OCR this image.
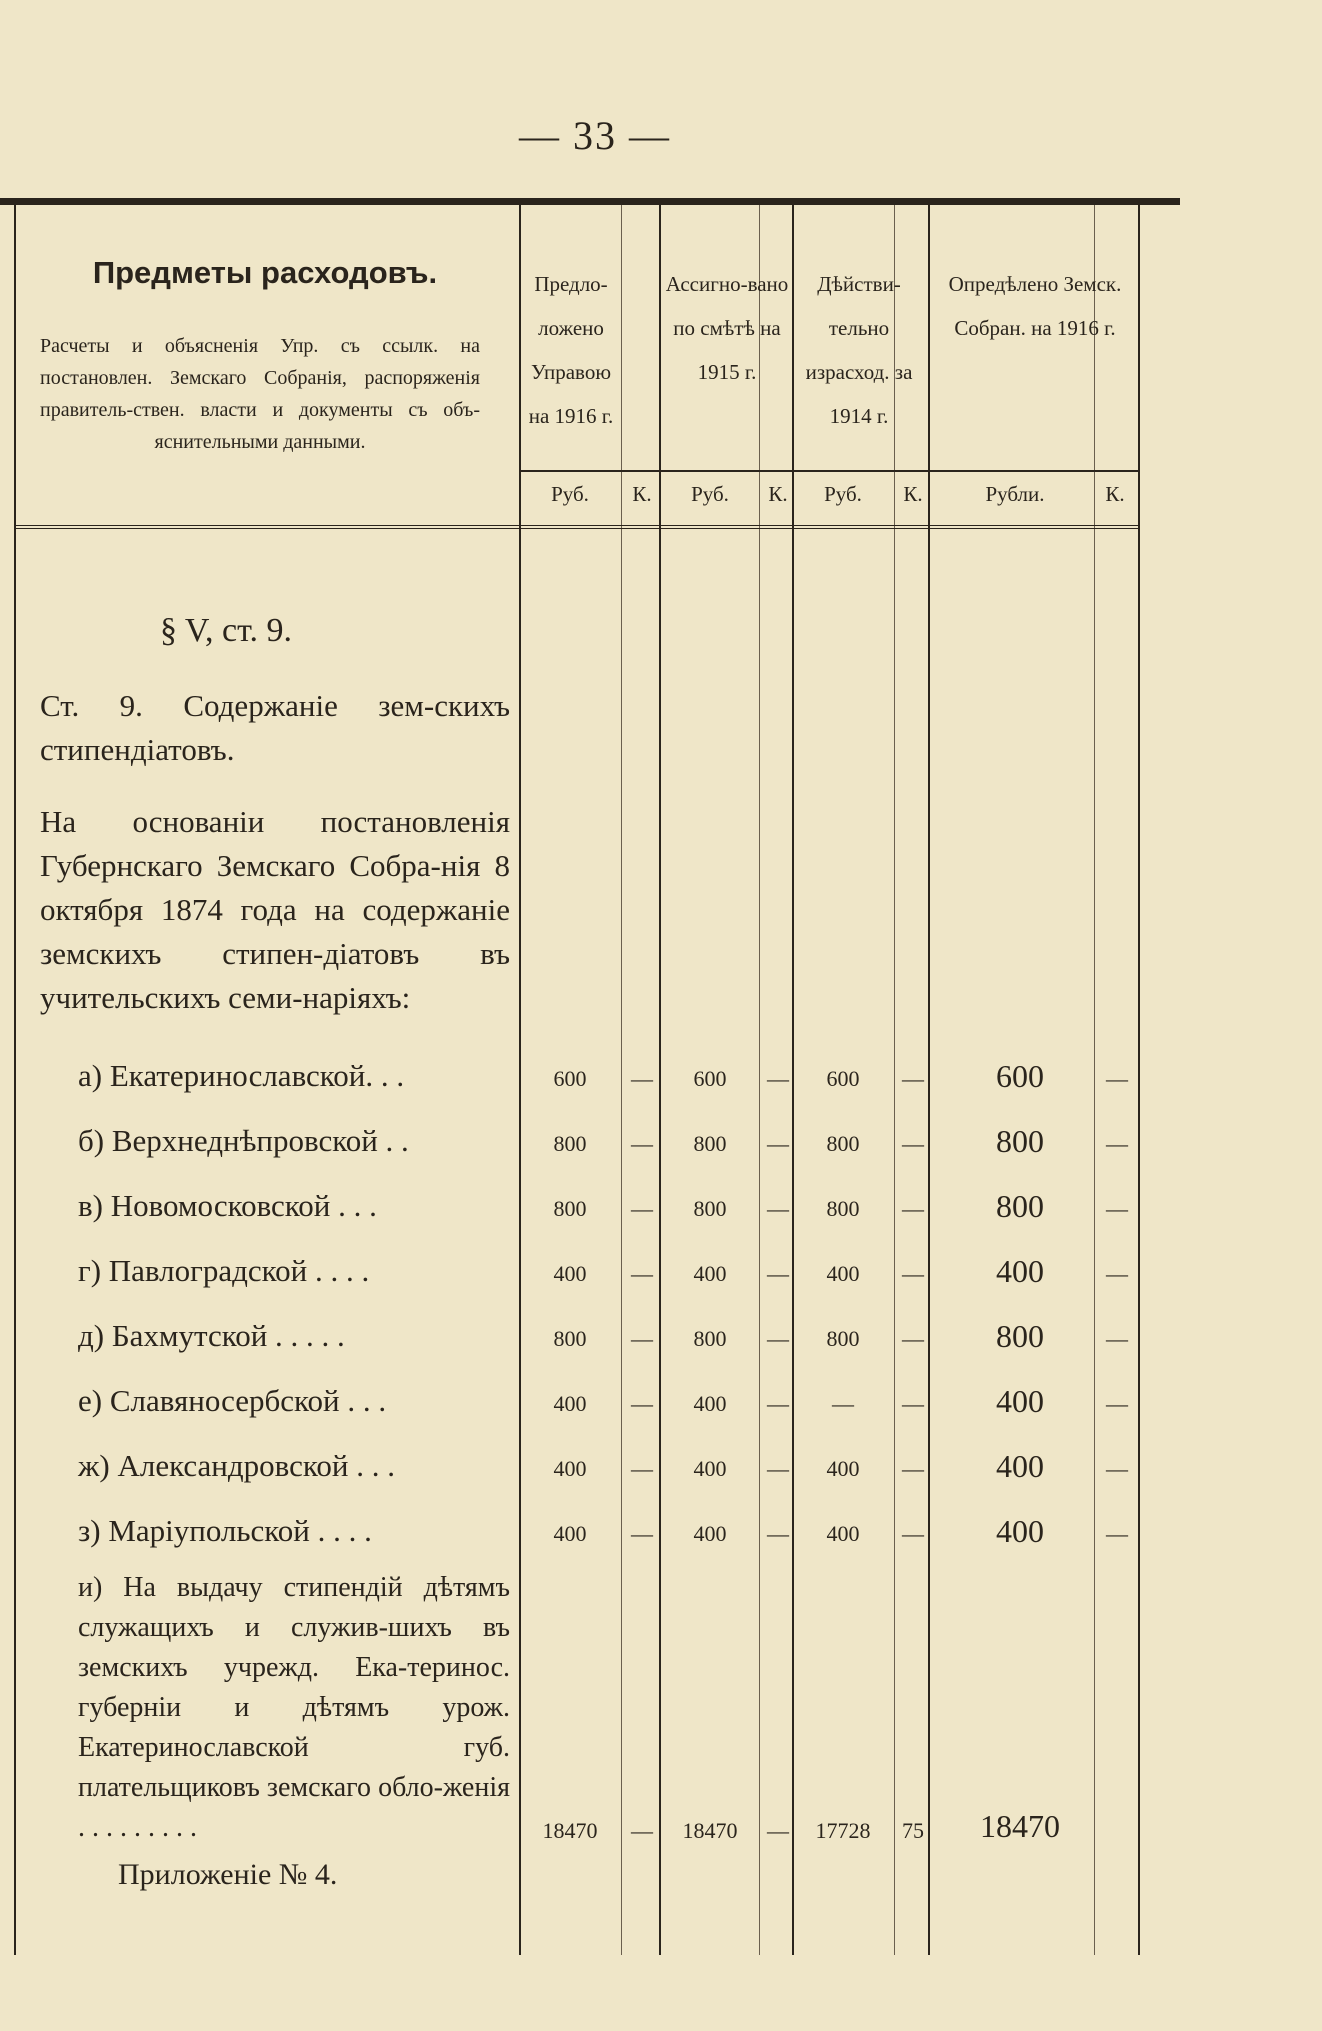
— 33 —
Предметы расходовъ.
Расчеты и объясненія Упр. съ ссылк. на постановлен. Земскаго Собранія, распоряженія правитель-ствен. власти и документы съ объ-яснительными данными.
Предло-ложено Управою на 1916 г.
Ассигно-вано по смѣтѣ на 1915 г.
Дѣйстви-тельно израсход. за 1914 г.
Опредѣлено Земск. Собран. на 1916 г.
Руб.	К.	Руб.	К.	Руб.	К.	Рубли.	К.
§ V, ст. 9.
Ст. 9. Содержаніе зем-скихъ стипендіатовъ.
На основаніи постановленія Губернскаго Земскаго Собра-нія 8 октября 1874 года на содержаніе земскихъ стипен-діатовъ въ учительскихъ семи-наріяхъ:
а) Екатеринославской. . .	600	—	600	—	600	—	600	—
б) Верхнеднѣпровской . .	800	—	800	—	800	—	800	—
в) Новомосковской . . .	800	—	800	—	800	—	800	—
г) Павлоградской . . . .	400	—	400	—	400	—	400	—
д) Бахмутской . . . . .	800	—	800	—	800	—	800	—
е) Славяносербской . . .	400	—	400	—	—	—	400	—
ж) Александровской . . .	400	—	400	—	400	—	400	—
з) Маріупольской . . . .	400	—	400	—	400	—	400	—
и) На выдачу стипендій дѣтямъ служащихъ и служив-шихъ въ земскихъ учрежд. Ека-теринос. губерніи и дѣтямъ урож. Екатеринославской губ. плательщиковъ земскаго обло-женія . . . . . . . . .	18470	—	18470	—	17728	75	18470
Приложеніе № 4.
